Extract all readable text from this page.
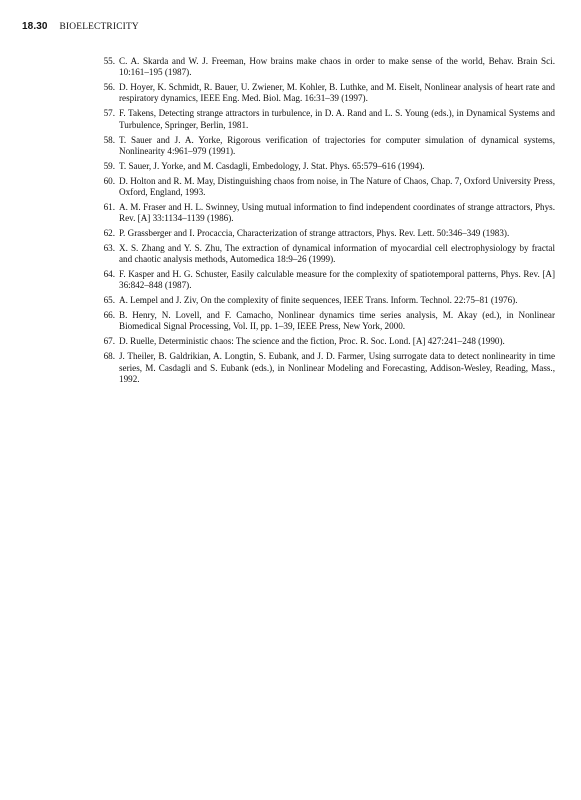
18.30 BIOELECTRICITY
55. C. A. Skarda and W. J. Freeman, How brains make chaos in order to make sense of the world, Behav. Brain Sci. 10:161–195 (1987).
56. D. Hoyer, K. Schmidt, R. Bauer, U. Zwiener, M. Kohler, B. Luthke, and M. Eiselt, Nonlinear analysis of heart rate and respiratory dynamics, IEEE Eng. Med. Biol. Mag. 16:31–39 (1997).
57. F. Takens, Detecting strange attractors in turbulence, in D. A. Rand and L. S. Young (eds.), in Dynamical Systems and Turbulence, Springer, Berlin, 1981.
58. T. Sauer and J. A. Yorke, Rigorous verification of trajectories for computer simulation of dynamical systems, Nonlinearity 4:961–979 (1991).
59. T. Sauer, J. Yorke, and M. Casdagli, Embedology, J. Stat. Phys. 65:579–616 (1994).
60. D. Holton and R. M. May, Distinguishing chaos from noise, in The Nature of Chaos, Chap. 7, Oxford University Press, Oxford, England, 1993.
61. A. M. Fraser and H. L. Swinney, Using mutual information to find independent coordinates of strange attractors, Phys. Rev. [A] 33:1134–1139 (1986).
62. P. Grassberger and I. Procaccia, Characterization of strange attractors, Phys. Rev. Lett. 50:346–349 (1983).
63. X. S. Zhang and Y. S. Zhu, The extraction of dynamical information of myocardial cell electrophysiology by fractal and chaotic analysis methods, Automedica 18:9–26 (1999).
64. F. Kasper and H. G. Schuster, Easily calculable measure for the complexity of spatiotemporal patterns, Phys. Rev. [A] 36:842–848 (1987).
65. A. Lempel and J. Ziv, On the complexity of finite sequences, IEEE Trans. Inform. Technol. 22:75–81 (1976).
66. B. Henry, N. Lovell, and F. Camacho, Nonlinear dynamics time series analysis, M. Akay (ed.), in Nonlinear Biomedical Signal Processing, Vol. II, pp. 1–39, IEEE Press, New York, 2000.
67. D. Ruelle, Deterministic chaos: The science and the fiction, Proc. R. Soc. Lond. [A] 427:241–248 (1990).
68. J. Theiler, B. Galdrikian, A. Longtin, S. Eubank, and J. D. Farmer, Using surrogate data to detect nonlinearity in time series, M. Casdagli and S. Eubank (eds.), in Nonlinear Modeling and Forecasting, Addison-Wesley, Reading, Mass., 1992.
